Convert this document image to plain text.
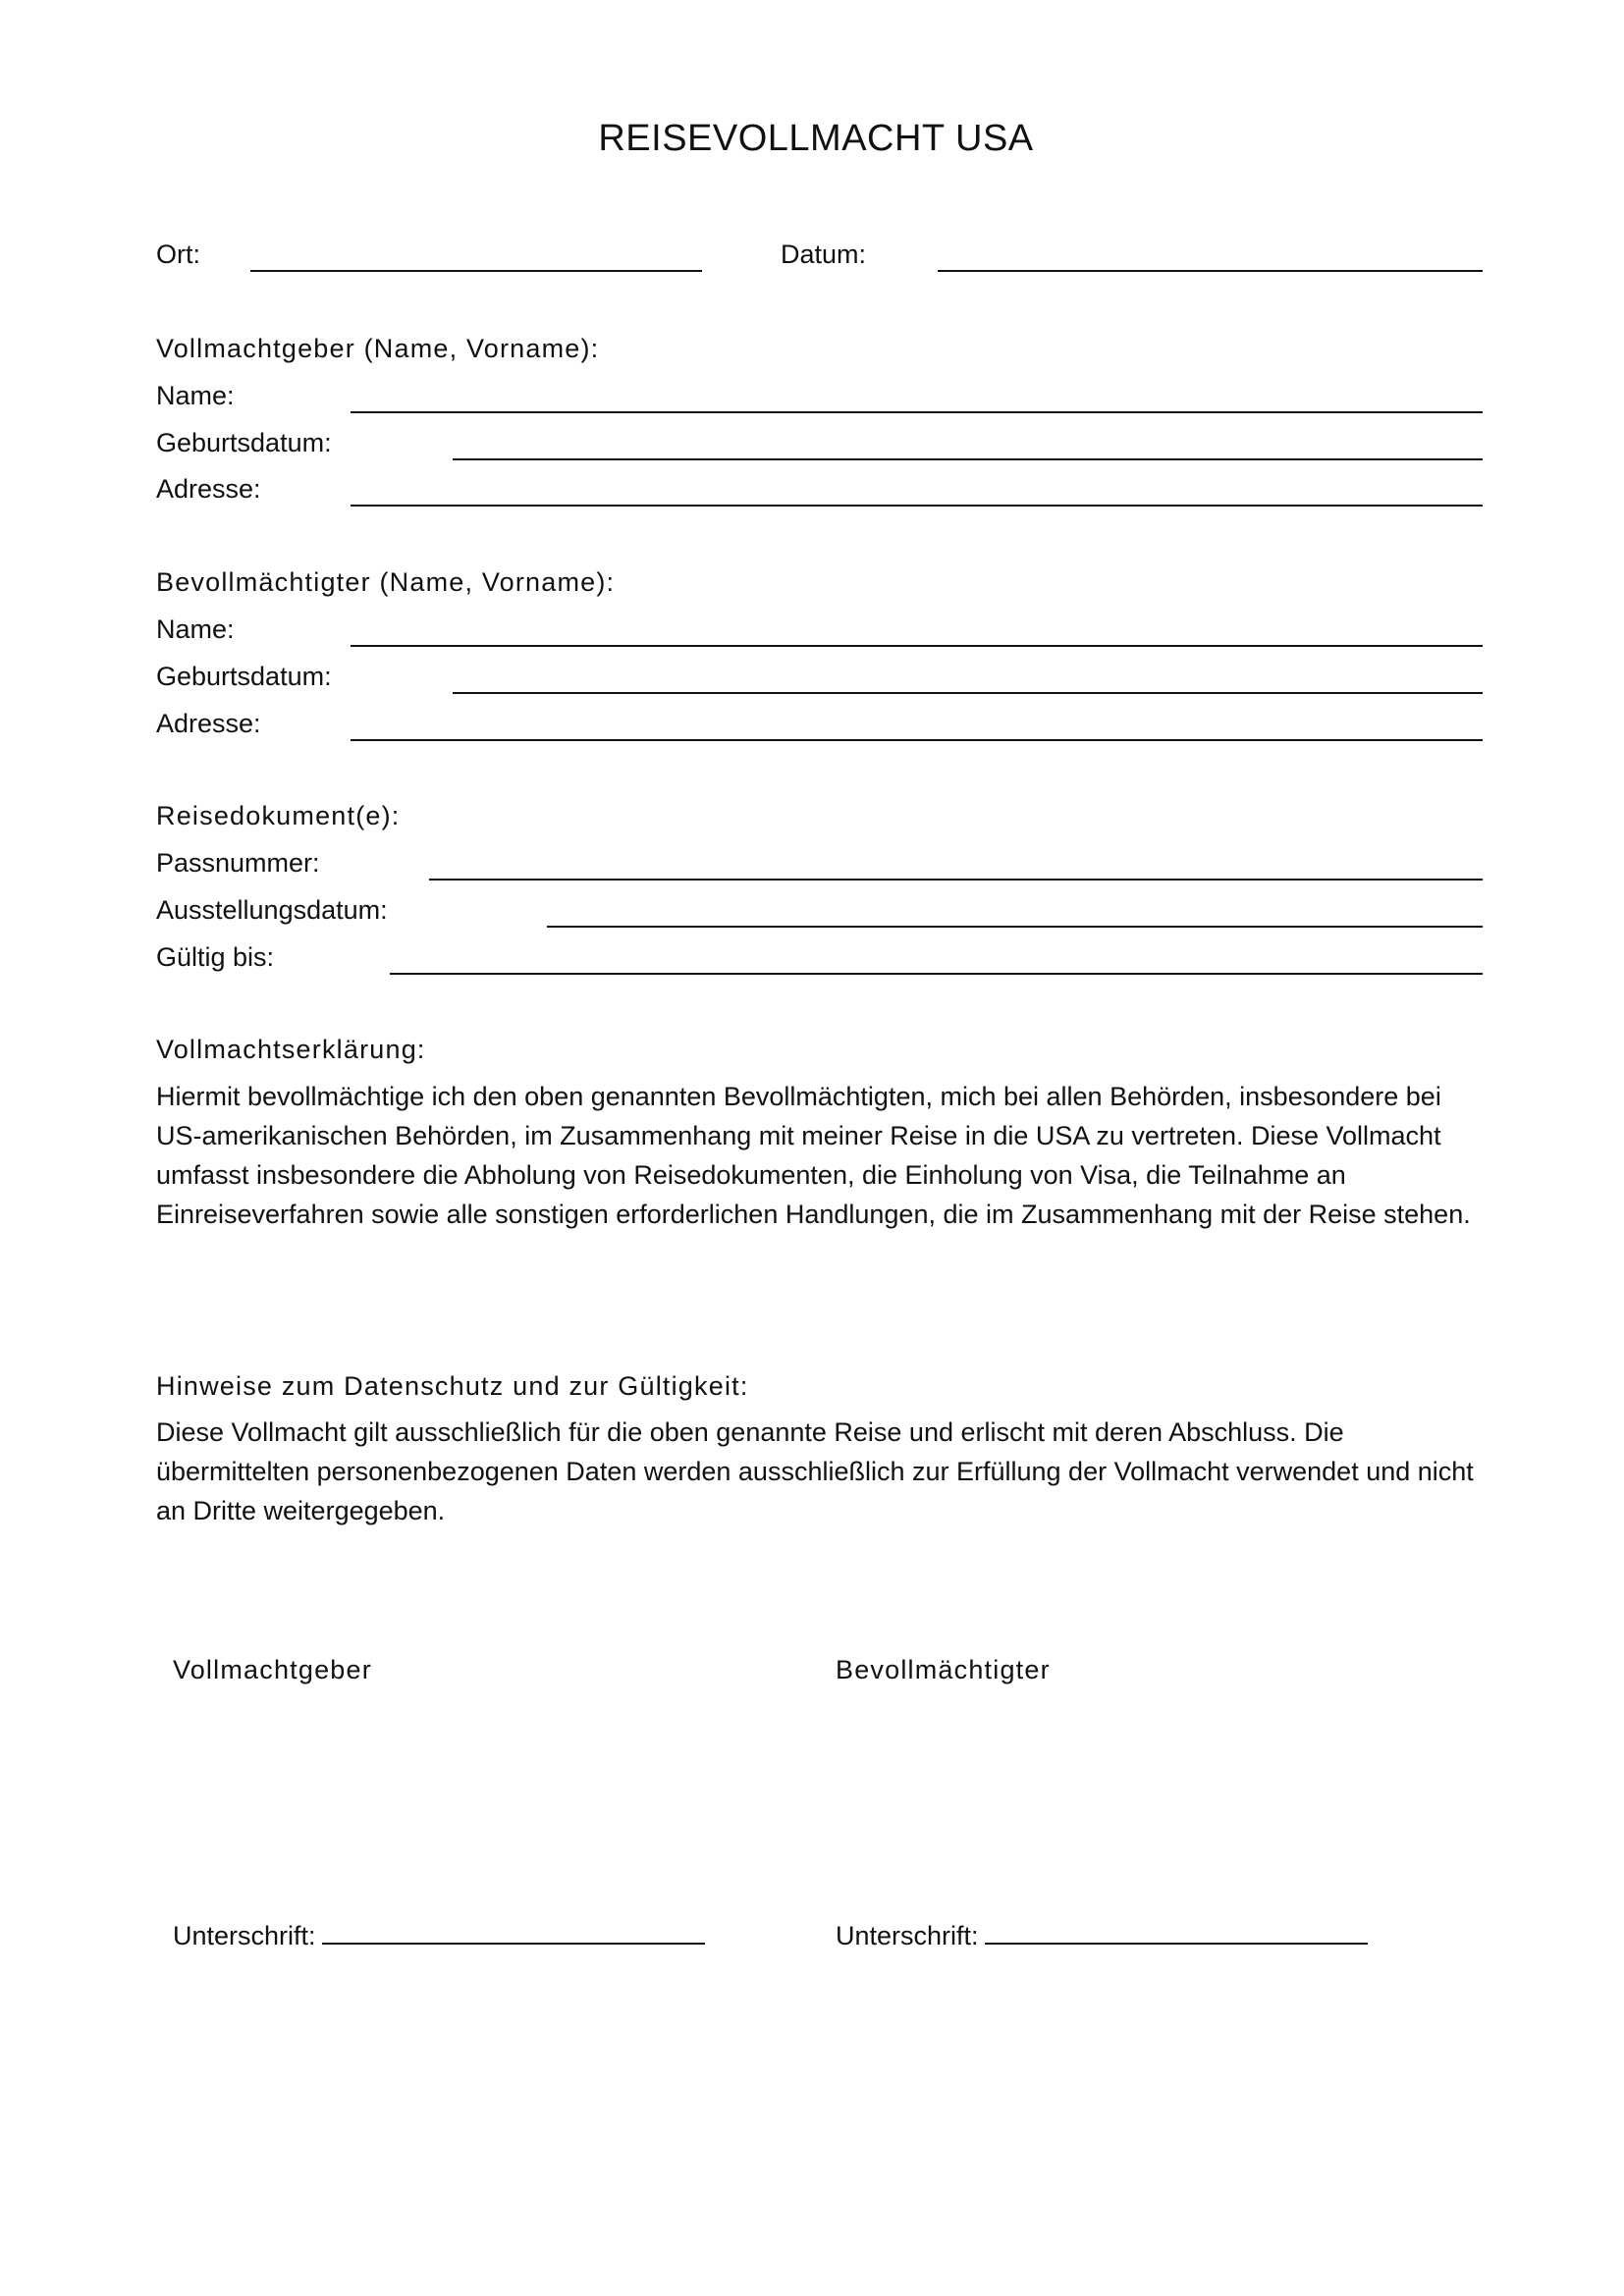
REISEVOLLMACHT USA
Ort:	Datum:
Vollmachtgeber (Name, Vorname):
Name:
Geburtsdatum:
Adresse:
Bevollmächtigter (Name, Vorname):
Name:
Geburtsdatum:
Adresse:
Reisedokument(e):
Passnummer:
Ausstellungsdatum:
Gültig bis:
Vollmachtserklärung:
Hiermit bevollmächtige ich den oben genannten Bevollmächtigten, mich bei allen Behörden, insbesondere bei US-amerikanischen Behörden, im Zusammenhang mit meiner Reise in die USA zu vertreten. Diese Vollmacht umfasst insbesondere die Abholung von Reisedokumenten, die Einholung von Visa, die Teilnahme an Einreiseverfahren sowie alle sonstigen erforderlichen Handlungen, die im Zusammenhang mit der Reise stehen.
Hinweise zum Datenschutz und zur Gültigkeit:
Diese Vollmacht gilt ausschließlich für die oben genannte Reise und erlischt mit deren Abschluss. Die übermittelten personenbezogenen Daten werden ausschließlich zur Erfüllung der Vollmacht verwendet und nicht an Dritte weitergegeben.
Vollmachtgeber	Bevollmächtigter
Unterschrift:	Unterschrift:
